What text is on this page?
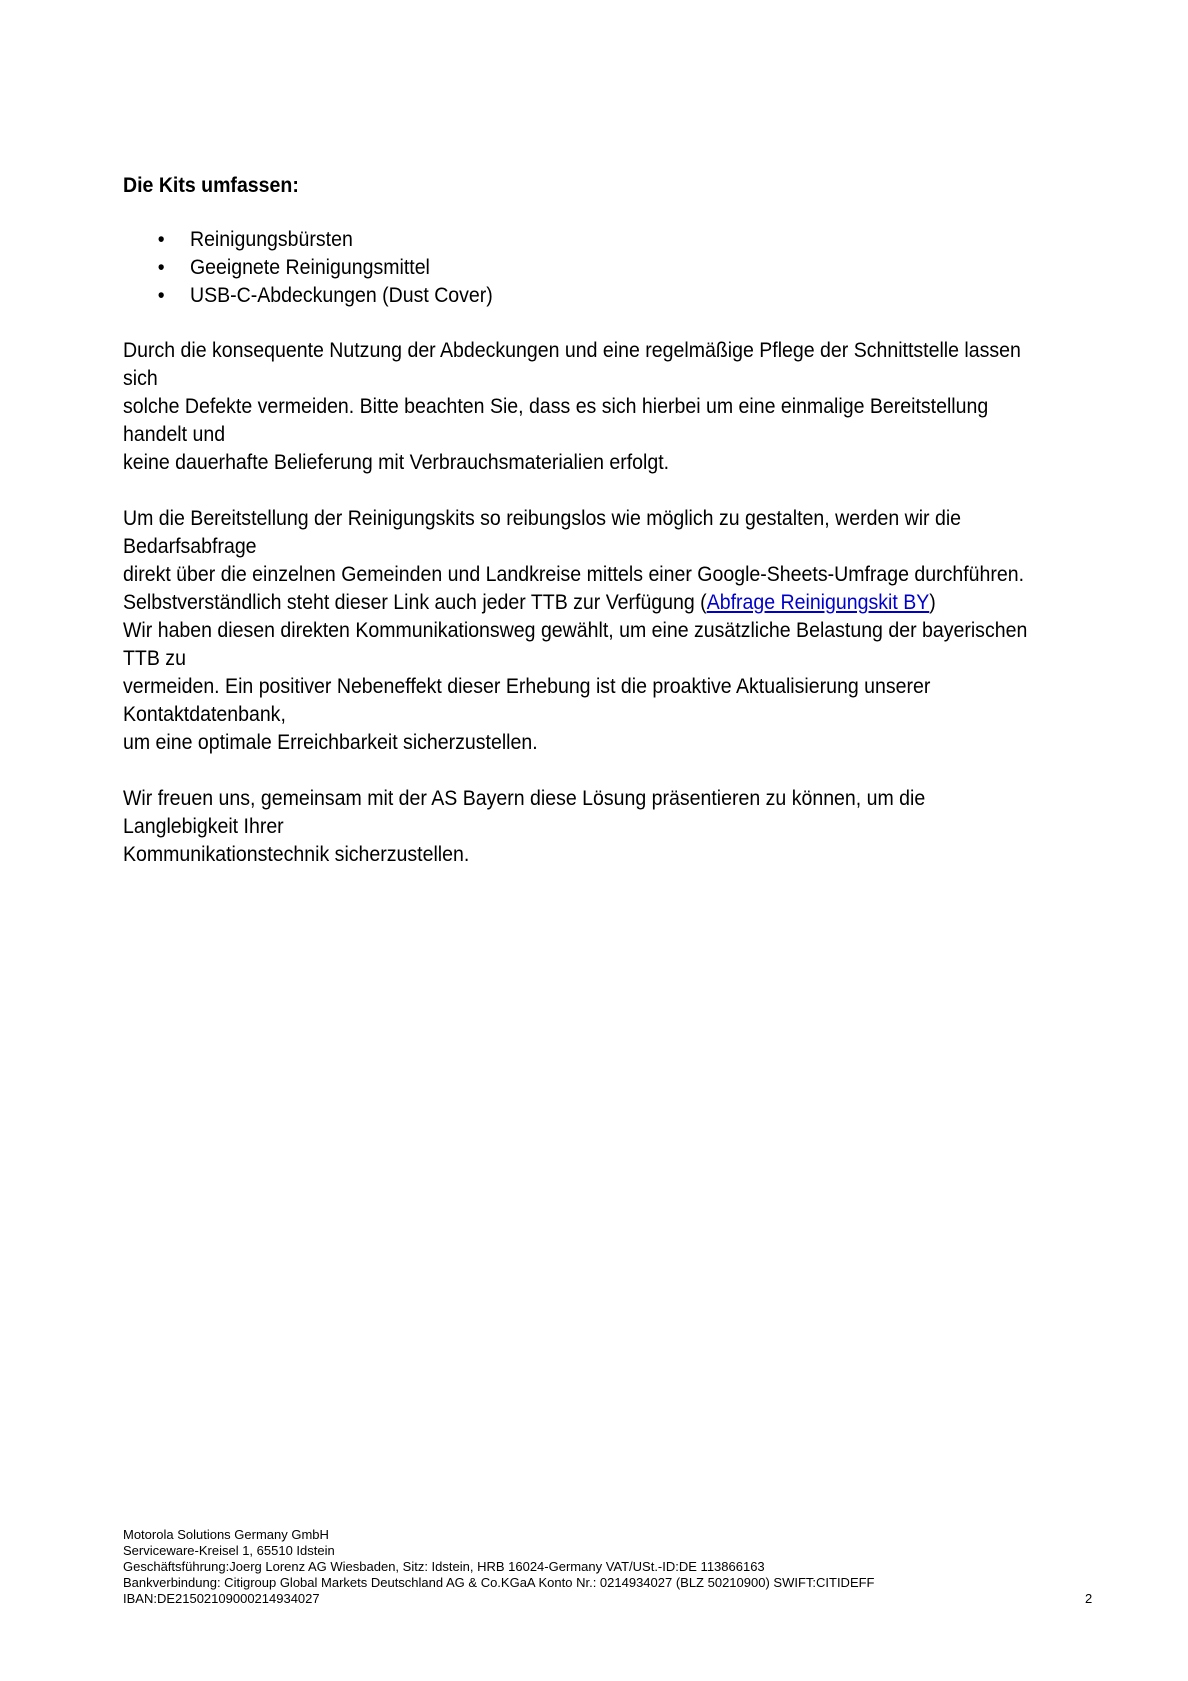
Die Kits umfassen:

• Reinigungsbürsten
• Geeignete Reinigungsmittel
• USB-C-Abdeckungen (Dust Cover)

Durch die konsequente Nutzung der Abdeckungen und eine regelmäßige Pflege der Schnittstelle lassen sich
solche Defekte vermeiden. Bitte beachten Sie, dass es sich hierbei um eine einmalige Bereitstellung handelt und
keine dauerhafte Belieferung mit Verbrauchsmaterialien erfolgt.

Um die Bereitstellung der Reinigungskits so reibungslos wie möglich zu gestalten, werden wir die Bedarfsabfrage
direkt über die einzelnen Gemeinden und Landkreise mittels einer Google-Sheets-Umfrage durchführen.
Selbstverständlich steht dieser Link auch jeder TTB zur Verfügung (Abfrage Reinigungskit BY)
Wir haben diesen direkten Kommunikationsweg gewählt, um eine zusätzliche Belastung der bayerischen TTB zu
vermeiden. Ein positiver Nebeneffekt dieser Erhebung ist die proaktive Aktualisierung unserer Kontaktdatenbank,
um eine optimale Erreichbarkeit sicherzustellen.

Wir freuen uns, gemeinsam mit der AS Bayern diese Lösung präsentieren zu können, um die Langlebigkeit Ihrer
Kommunikationstechnik sicherzustellen.

Motorola Solutions Germany GmbH
Serviceware-Kreisel 1, 65510 Idstein
Geschäftsführung:Joerg Lorenz AG Wiesbaden, Sitz: Idstein, HRB 16024-Germany VAT/USt.-ID:DE 113866163
Bankverbindung: Citigroup Global Markets Deutschland AG & Co.KGaA Konto Nr.: 0214934027 (BLZ 50210900) SWIFT:CITIDEFF
IBAN:DE21502109000214934027	2
